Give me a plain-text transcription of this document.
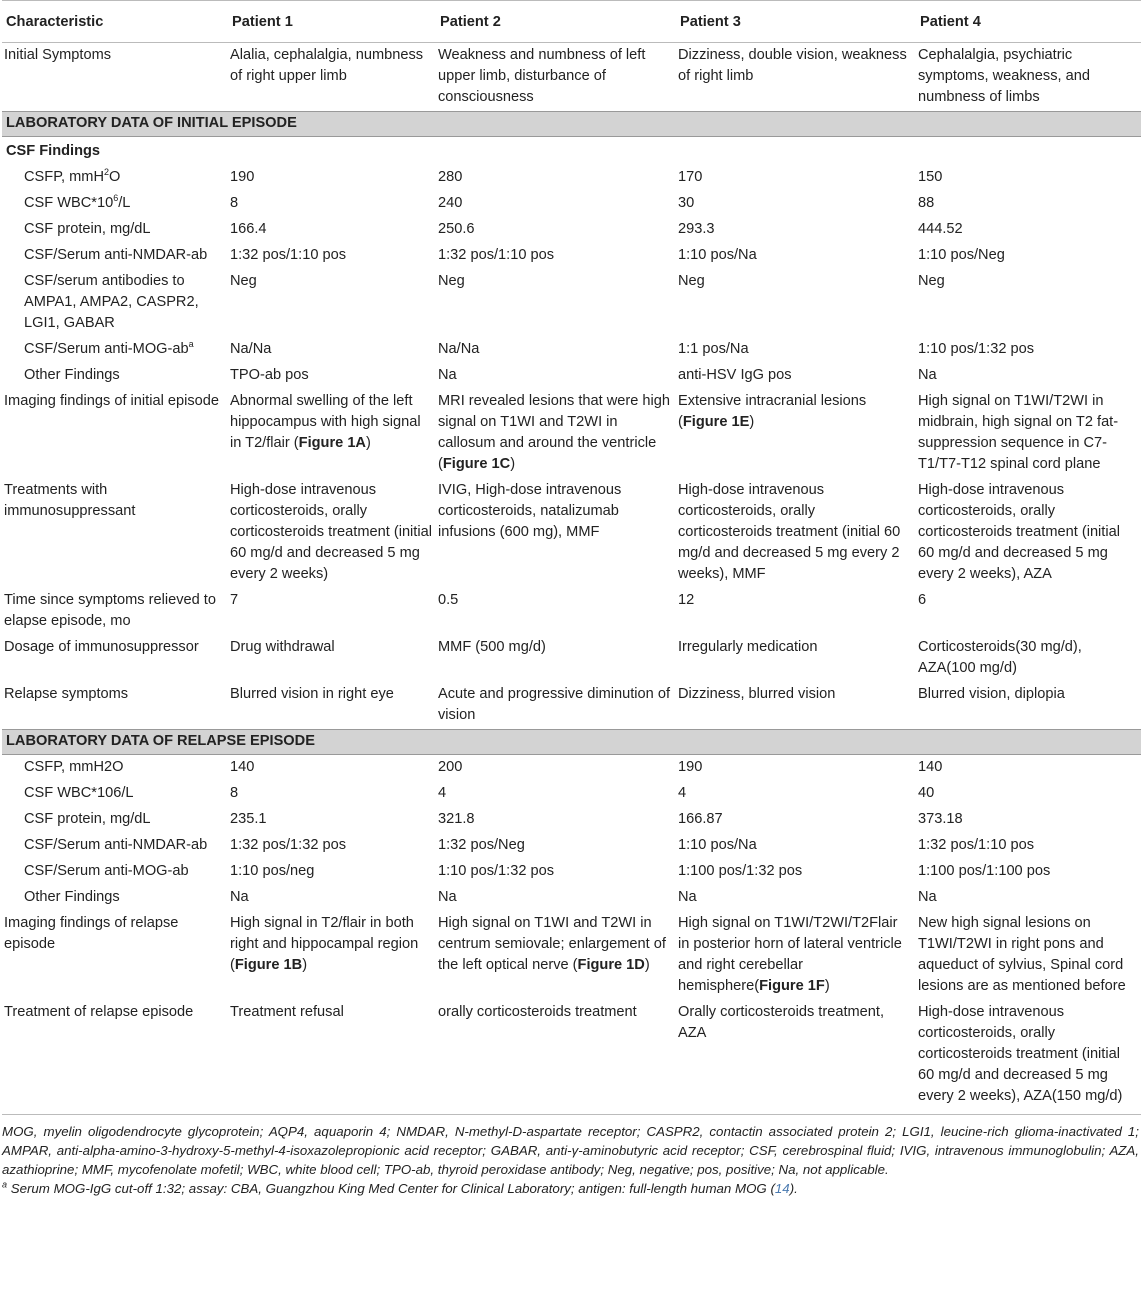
Characteristic	Patient 1	Patient 2	Patient 3	Patient 4
Initial Symptoms	Alalia, cephalalgia, numbness of right upper limb	Weakness and numbness of left upper limb, disturbance of consciousness	Dizziness, double vision, weakness of right limb	Cephalalgia, psychiatric symptoms, weakness, and numbness of limbs
LABORATORY DATA OF INITIAL EPISODE				
CSF Findings				
CSFP, mmH$^2$O	190	280	170	150
CSF $WBC*10^6/L$	8	240	30	88
CSF protein, mg/dL	166.4	250.6	293.3	444.52
CSF/Serum anti-NMDAR-ab	1:32 pos/1:10 pos	1:32 pos/1:10 pos	1:10 pos/Na	1:10 pos/Neg
CSF/serum antibodies to AMPA1, AMPA2, CASPR2, LGI1, GABAR	Neg	Neg	Neg	Neg
CSF/Serum anti-$MOG-ab^a$	Na/Na	Na/Na	1:1 pos/Na	1:10 pos/1:32 pos
Other Findings	TPO-ab pos	Na	anti-HSV IgG pos	Na
Imaging findings of initial episode	Abnormal swelling of the left hippocampus with high signal in T2/flair (Figure 1A)	MRI revealed lesions that were high signal on T1WI and T2WI in callosum and around the ventricle (Figure 1C)	Extensive intracranial lesions (Figure 1E)	High signal on T1WI/T2WI in midbrain, high signal on T2 fat-suppression sequence in C7-T1/T7-T12 spinal cord plane
Treatments with immunosuppressant	High-dose intravenous corticosteroids, orally corticosteroids treatment (initial 60 mg/d and decreased 5 mg every 2 weeks)	IVIG, High-dose intravenous corticosteroids, natalizumab infusions (600 mg), MMF	High-dose intravenous corticosteroids, orally corticosteroids treatment (initial 60 mg/d and decreased 5 mg every 2 weeks), MMF	High-dose intravenous corticosteroids, orally corticosteroids treatment (initial 60 mg/d and decreased 5 mg every 2 weeks), AZA
Time since symptoms relieved to elapse episode, mo	7	0.5	12	6
Dosage of immunosuppressor	Drug withdrawal	MMF (500 mg/d)	Irregularly medication	Corticosteroids(30 mg/d), AZA(100 mg/d)
Relapse symptoms	Blurred vision in right eye	Acute and progressive diminution of vision	Dizziness, blurred vision	Blurred vision, diplopia
LABORATORY DATA OF RELAPSE EPISODE				
CSFP, mmH2O	140	200	190	140
CSF WBC*106/L	8	4	4	40
CSF protein, mg/dL	235.1	321.8	166.87	373.18
CSF/Serum anti-NMDAR-ab	1:32 pos/1:32 pos	1:32 pos/Neg	1:10 pos/Na	1:32 pos/1:10 pos
CSF/Serum anti-MOG-ab	1:10 pos/neg	1:10 pos/1:32 pos	1:100 pos/1:32 pos	1:100 pos/1:100 pos
Other Findings	Na	Na	Na	Na
Imaging findings of relapse episode	High signal in T2/flair in both right and hippocampal region (Figure 1B)	High signal on T1WI and T2WI in centrum semiovale; enlargement of the left optical nerve (Figure 1D)	High signal on T1WI/T2WI/T2Flair in posterior horn of lateral ventricle and right cerebellar hemisphere(Figure 1F)	New high signal lesions on T1WI/T2WI in right pons and aqueduct of sylvius, Spinal cord lesions are as mentioned before
Treatment of relapse episode	Treatment refusal	orally corticosteroids treatment	Orally corticosteroids treatment, AZA	High-dose intravenous corticosteroids, orally corticosteroids treatment (initial 60 mg/d and decreased 5 mg every 2 weeks), AZA(150 mg/d)

MOG, myelin oligodendrocyte glycoprotein; AQP4, aquaporin 4; NMDAR, N-methyl-D-aspartate receptor; CASPR2, contactin associated protein 2; LGI1, leucine-rich glioma-inactivated 1; AMPAR, anti-alpha-amino-3-hydroxy-5-methyl-4-isoxazolepropionic acid receptor; GABAR, anti-γ-aminobutyric acid receptor; CSF, cerebrospinal fluid; IVIG, intravenous immunoglobulin; AZA, azathioprine; MMF, mycofenolate mofetil; WBC, white blood cell; TPO-ab, thyroid peroxidase antibody; Neg, negative; pos, positive; Na, not applicable.

$^a$ Serum MOG-IgG cut-off 1:32; assay: CBA, Guangzhou King Med Center for Clinical Laboratory; antigen: full-length human MOG (14).
